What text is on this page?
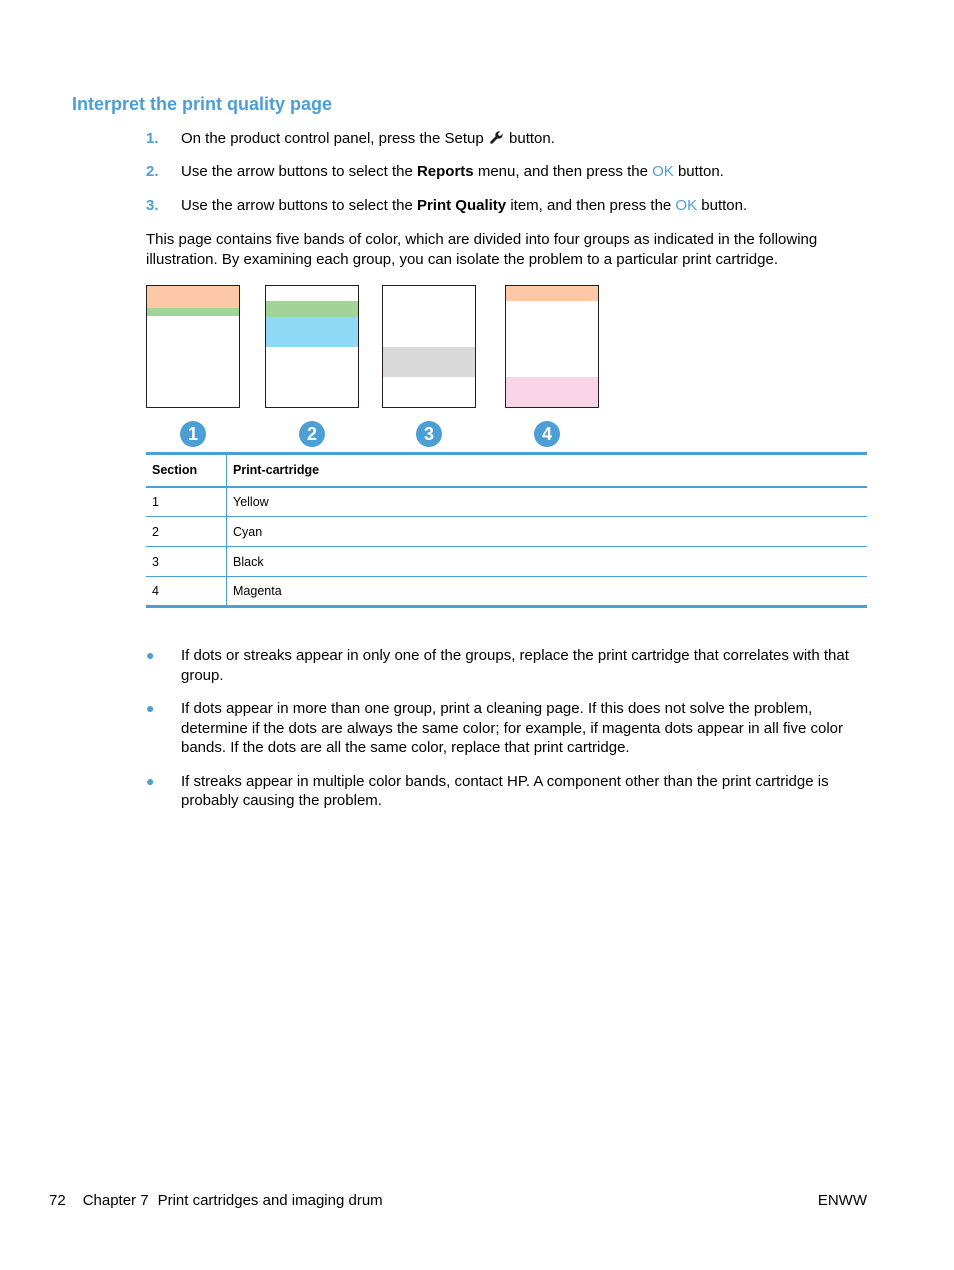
Interpret the print quality page
1. On the product control panel, press the Setup  button.
2. Use the arrow buttons to select the Reports menu, and then press the OK button.
3. Use the arrow buttons to select the Print Quality item, and then press the OK button.

This page contains five bands of color, which are divided into four groups as indicated in the following illustration. By examining each group, you can isolate the problem to a particular print cartridge.

1	2	3	4
Section	Print-cartridge
1	Yellow
2	Cyan
3	Black
4	Magenta
● If dots or streaks appear in only one of the groups, replace the print cartridge that correlates with that group.
● If dots appear in more than one group, print a cleaning page. If this does not solve the problem, determine if the dots are always the same color; for example, if magenta dots appear in all five color bands. If the dots are all the same color, replace that print cartridge.
● If streaks appear in multiple color bands, contact HP. A component other than the print cartridge is probably causing the problem.
72 Chapter 7 Print cartridges and imaging drum	ENWW
